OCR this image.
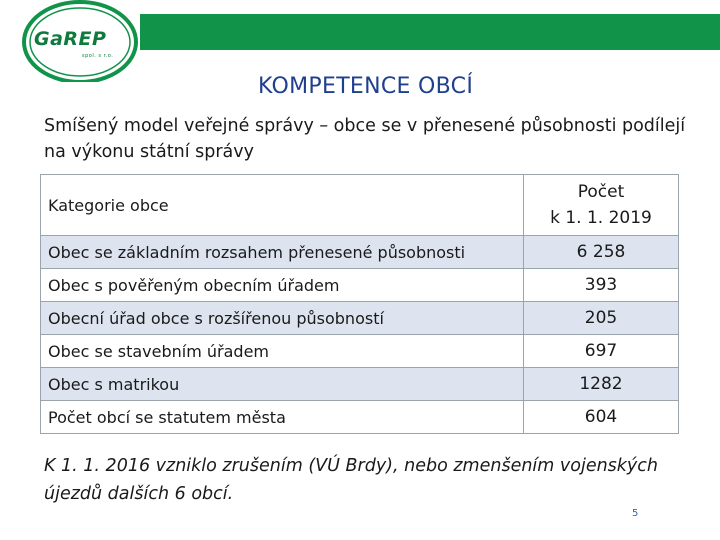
GaREP
spol. s r.o.
KOMPETENCE OBCÍ
Smíšený model veřejné správy – obce se v přenesené působnosti podílejí na výkonu státní správy
Kategorie obce	Počet
k 1. 1. 2019

Obec se základním rozsahem přenesené působnosti	6 258
Obec s pověřeným obecním úřadem	393
Obecní úřad obce s rozšířenou působností	205
Obec se stavebním úřadem	697
Obec s matrikou	1282
Počet obcí se statutem města	604
K 1. 1. 2016 vzniklo zrušením (VÚ Brdy), nebo zmenšením vojenských újezdů dalších 6 obcí.
5
